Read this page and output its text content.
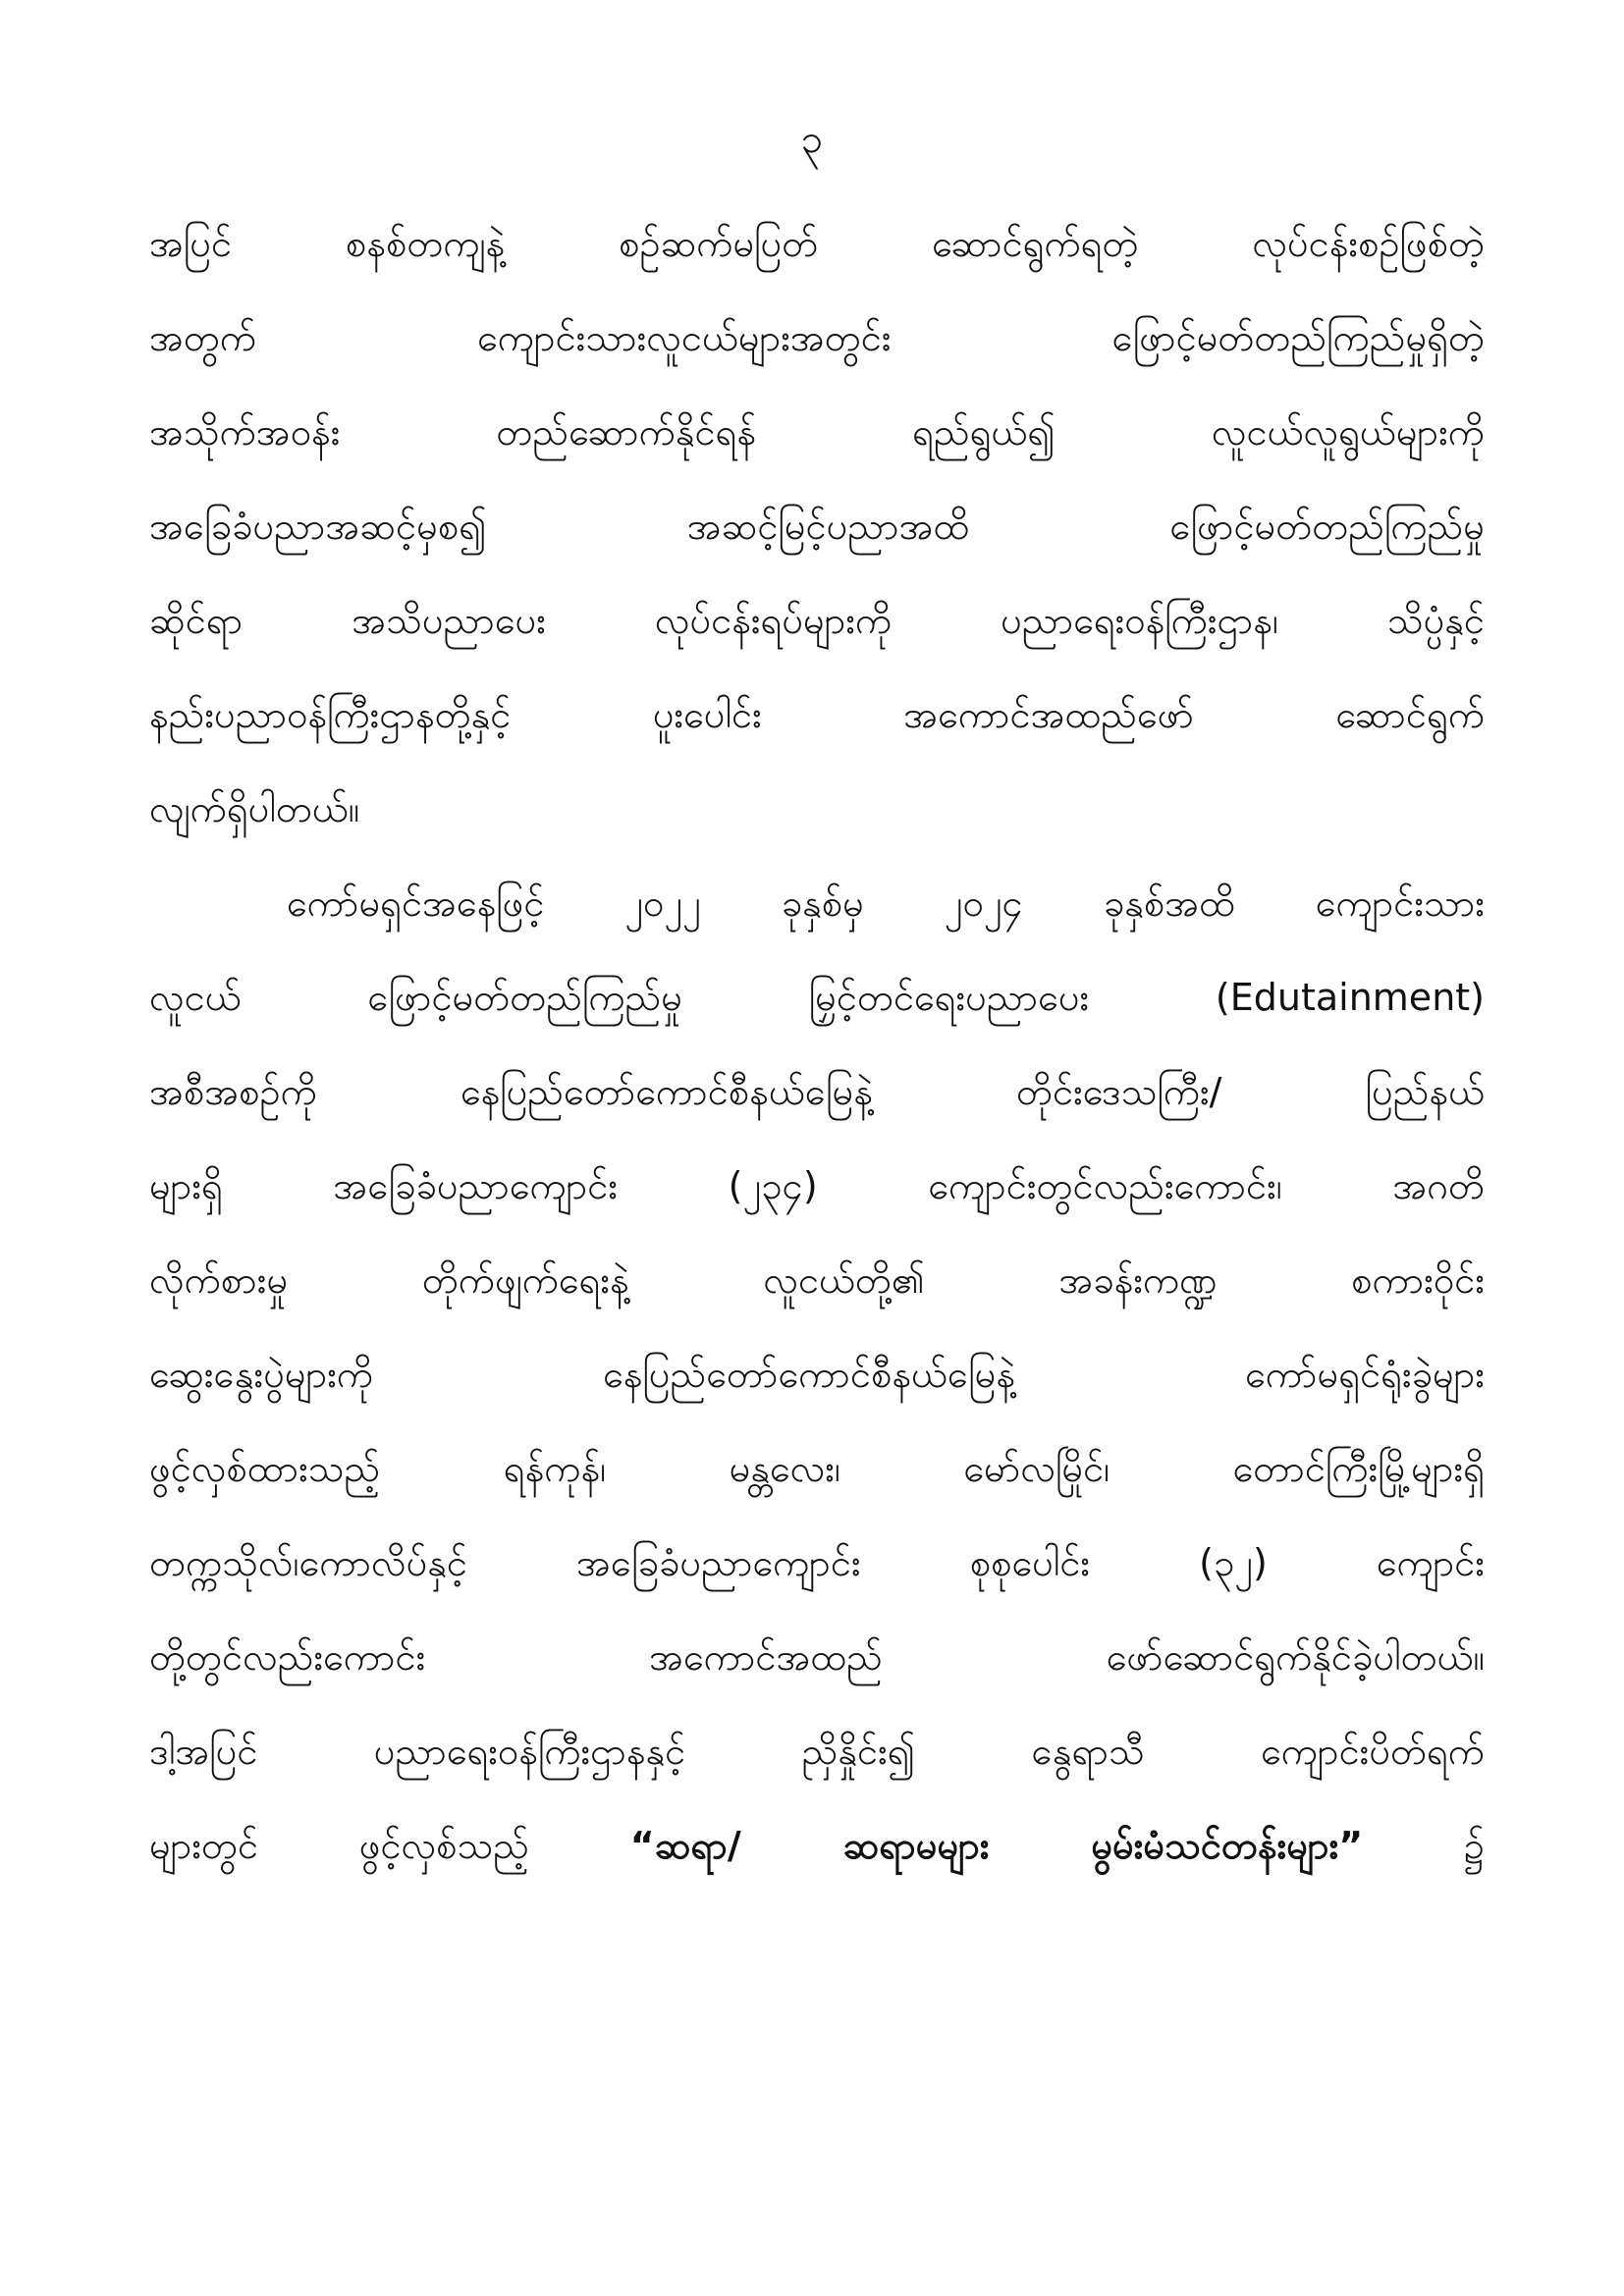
၃
အပြင် စနစ်တကျနဲ့ စဉ်ဆက်မပြတ် ဆောင်ရွက်ရတဲ့ လုပ်ငန်းစဉ်ဖြစ်တဲ့
အတွက် ကျောင်းသားလူငယ်များအတွင်း ဖြောင့်မတ်တည်ကြည်မှုရှိတဲ့
အသိုက်အဝန်း တည်ဆောက်နိုင်ရန် ရည်ရွယ်၍ လူငယ်လူရွယ်များကို
အခြေခံပညာအဆင့်မှစ၍ အဆင့်မြင့်ပညာအထိ ဖြောင့်မတ်တည်ကြည်မှု
ဆိုင်ရာ အသိပညာပေး လုပ်ငန်းရပ်များကို ပညာရေးဝန်ကြီးဌာန၊ သိပ္ပံနှင့်
နည်းပညာဝန်ကြီးဌာနတို့နှင့် ပူးပေါင်း အကောင်အထည်ဖော် ဆောင်ရွက်
လျက်ရှိပါတယ်။
ကော်မရှင်အနေဖြင့် ၂၀၂၂ ခုနှစ်မှ ၂၀၂၄ ခုနှစ်အထိ ကျောင်းသား
လူငယ် ဖြောင့်မတ်တည်ကြည်မှု မြှင့်တင်ရေးပညာပေး (Edutainment)
အစီအစဉ်ကို နေပြည်တော်ကောင်စီနယ်မြေနဲ့ တိုင်းဒေသကြီး/ ပြည်နယ်
များရှိ အခြေခံပညာကျောင်း (၂၃၄) ကျောင်းတွင်လည်းကောင်း၊ အဂတိ
လိုက်စားမှု တိုက်ဖျက်ရေးနဲ့ လူငယ်တို့၏ အခန်းကဏ္ဍ စကားဝိုင်း
ဆွေးနွေးပွဲများကို နေပြည်တော်ကောင်စီနယ်မြေနဲ့ ကော်မရှင်ရုံးခွဲများ
ဖွင့်လှစ်ထားသည့် ရန်ကုန်၊ မန္တလေး၊ မော်လမြိုင်၊ တောင်ကြီးမြို့များရှိ
တက္ကသိုလ်၊ကောလိပ်နှင့် အခြေခံပညာကျောင်း စုစုပေါင်း (၃၂) ကျောင်း
တို့တွင်လည်းကောင်း အကောင်အထည် ဖော်ဆောင်ရွက်နိုင်ခဲ့ပါတယ်။
ဒါ့အပြင် ပညာရေးဝန်ကြီးဌာနနှင့် ညှိနှိုင်း၍ နွေရာသီ ကျောင်းပိတ်ရက်
များတွင် ဖွင့်လှစ်သည့်	“ဆရာ/ ဆရာမများ မွမ်းမံသင်တန်းများ”	၌
